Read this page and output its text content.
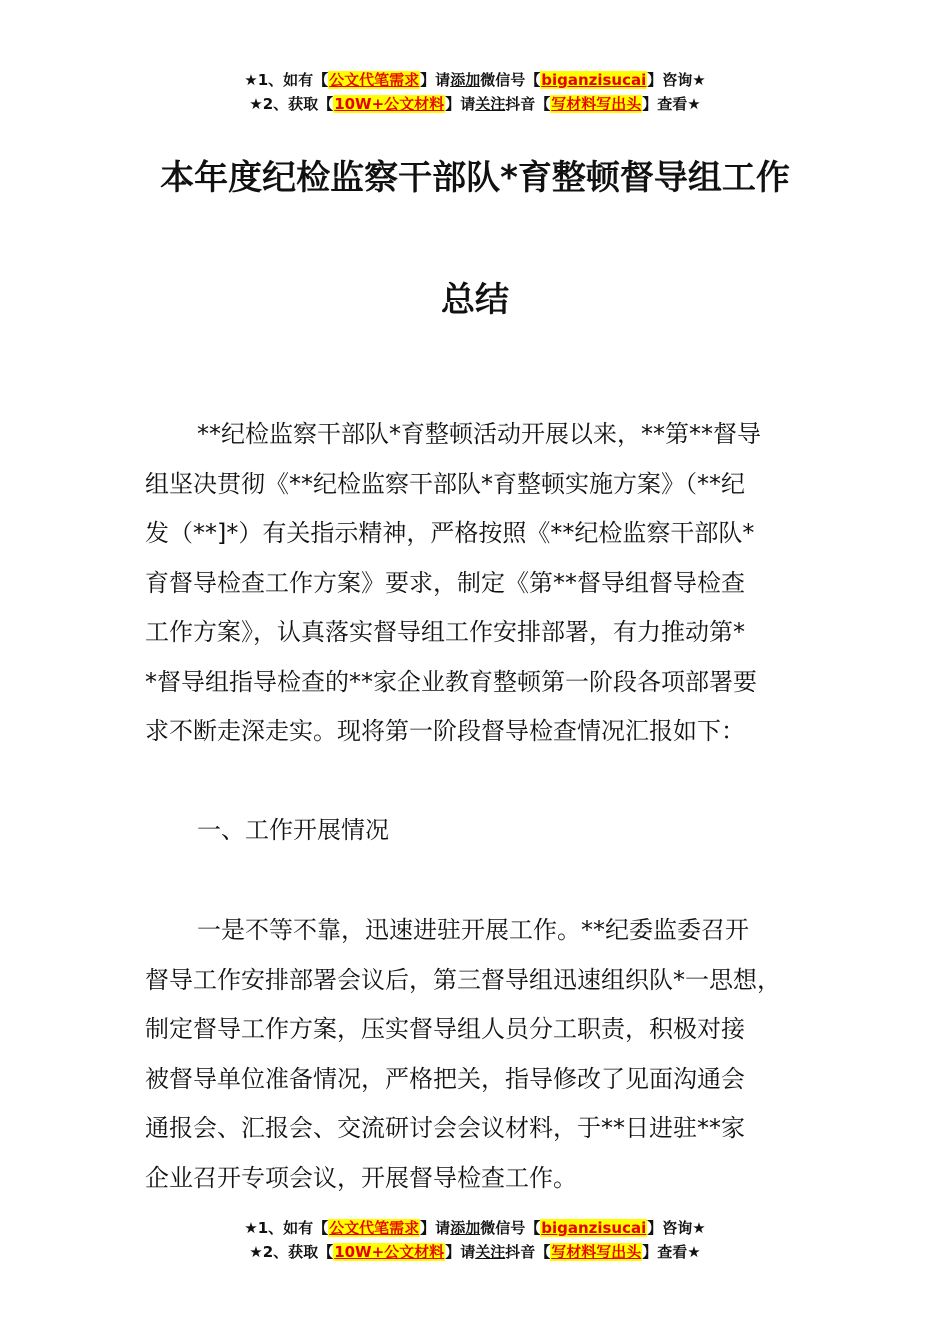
★1、如有【公文代笔需求】请添加微信号【biganzisucai】咨询★
★2、获取【10W+公文材料】请关注抖音【写材料写出头】查看★
本年度纪检监察干部队*育整顿督导组工作
总结
**纪检监察干部队*育整顿活动开展以来，**第**督导
组坚决贯彻《**纪检监察干部队*育整顿实施方案》（**纪
发（**]*）有关指示精神，严格按照《**纪检监察干部队*
育督导检查工作方案》要求，制定《第**督导组督导检查
工作方案》，认真落实督导组工作安排部署，有力推动第*
*督导组指导检查的**家企业教育整顿第一阶段各项部署要
求不断走深走实。现将第一阶段督导检查情况汇报如下：
一、工作开展情况
一是不等不靠，迅速进驻开展工作。**纪委监委召开
督导工作安排部署会议后，第三督导组迅速组织队*一思想，
制定督导工作方案，压实督导组人员分工职责，积极对接
被督导单位准备情况，严格把关，指导修改了见面沟通会
通报会、汇报会、交流研讨会会议材料，于**日进驻**家
企业召开专项会议，开展督导检查工作。
★1、如有【公文代笔需求】请添加微信号【biganzisucai】咨询★
★2、获取【10W+公文材料】请关注抖音【写材料写出头】查看★
